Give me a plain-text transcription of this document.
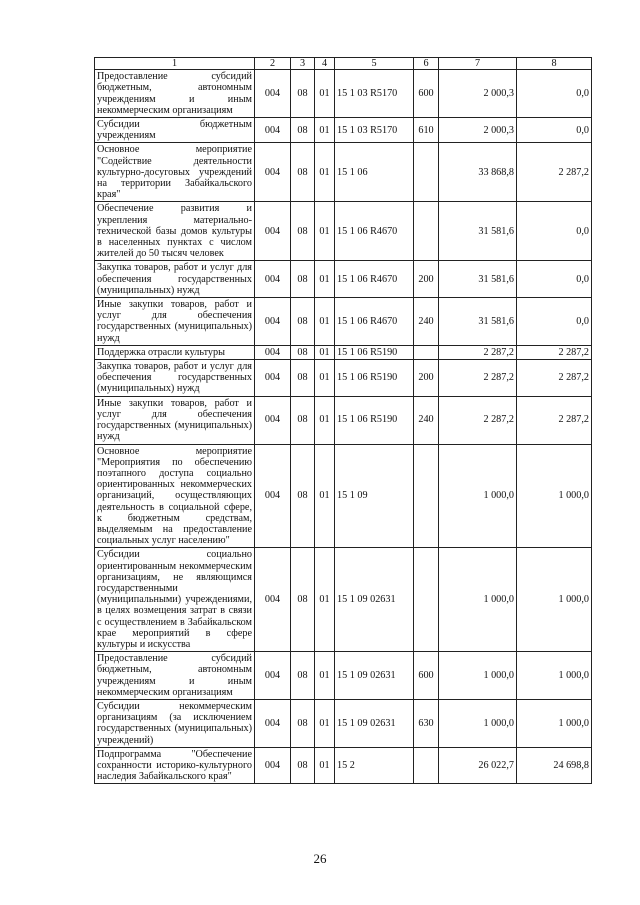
1	2	3	4	5	6	7	8
Предоставление субсидий бюджетным, автономным учреждениям и иным некоммерческим организациям	004	08	01	15 1 03 R5170	600	2 000,3	0,0
Субсидии бюджетным учреждениям	004	08	01	15 1 03 R5170	610	2 000,3	0,0
Основное мероприятие "Содействие деятельности культурно-досуговых учреждений на территории Забайкальского края"	004	08	01	15 1 06		33 868,8	2 287,2
Обеспечение развития и укрепления материально-технической базы домов культуры в населенных пунктах с числом жителей до 50 тысяч человек	004	08	01	15 1 06 R4670		31 581,6	0,0
Закупка товаров, работ и услуг для обеспечения государственных (муниципальных) нужд	004	08	01	15 1 06 R4670	200	31 581,6	0,0
Иные закупки товаров, работ и услуг для обеспечения государственных (муниципальных) нужд	004	08	01	15 1 06 R4670	240	31 581,6	0,0
Поддержка отрасли культуры	004	08	01	15 1 06 R5190		2 287,2	2 287,2
Закупка товаров, работ и услуг для обеспечения государственных (муниципальных) нужд	004	08	01	15 1 06 R5190	200	2 287,2	2 287,2
Иные закупки товаров, работ и услуг для обеспечения государственных (муниципальных) нужд	004	08	01	15 1 06 R5190	240	2 287,2	2 287,2
Основное мероприятие "Мероприятия по обеспечению поэтапного доступа социально ориентированных некоммерческих организаций, осуществляющих деятельность в социальной сфере, к бюджетным средствам, выделяемым на предоставление социальных услуг населению"	004	08	01	15 1 09		1 000,0	1 000,0
Субсидии социально ориентированным некоммерческим организациям, не являющимся государственными (муниципальными) учреждениями, в целях возмещения затрат в связи с осуществлением в Забайкальском крае мероприятий в сфере культуры и искусства	004	08	01	15 1 09 02631		1 000,0	1 000,0
Предоставление субсидий бюджетным, автономным учреждениям и иным некоммерческим организациям	004	08	01	15 1 09 02631	600	1 000,0	1 000,0
Субсидии некоммерческим организациям (за исключением государственных (муниципальных) учреждений)	004	08	01	15 1 09 02631	630	1 000,0	1 000,0
Подпрограмма "Обеспечение сохранности историко-культурного наследия Забайкальского края"	004	08	01	15 2		26 022,7	24 698,8
26
